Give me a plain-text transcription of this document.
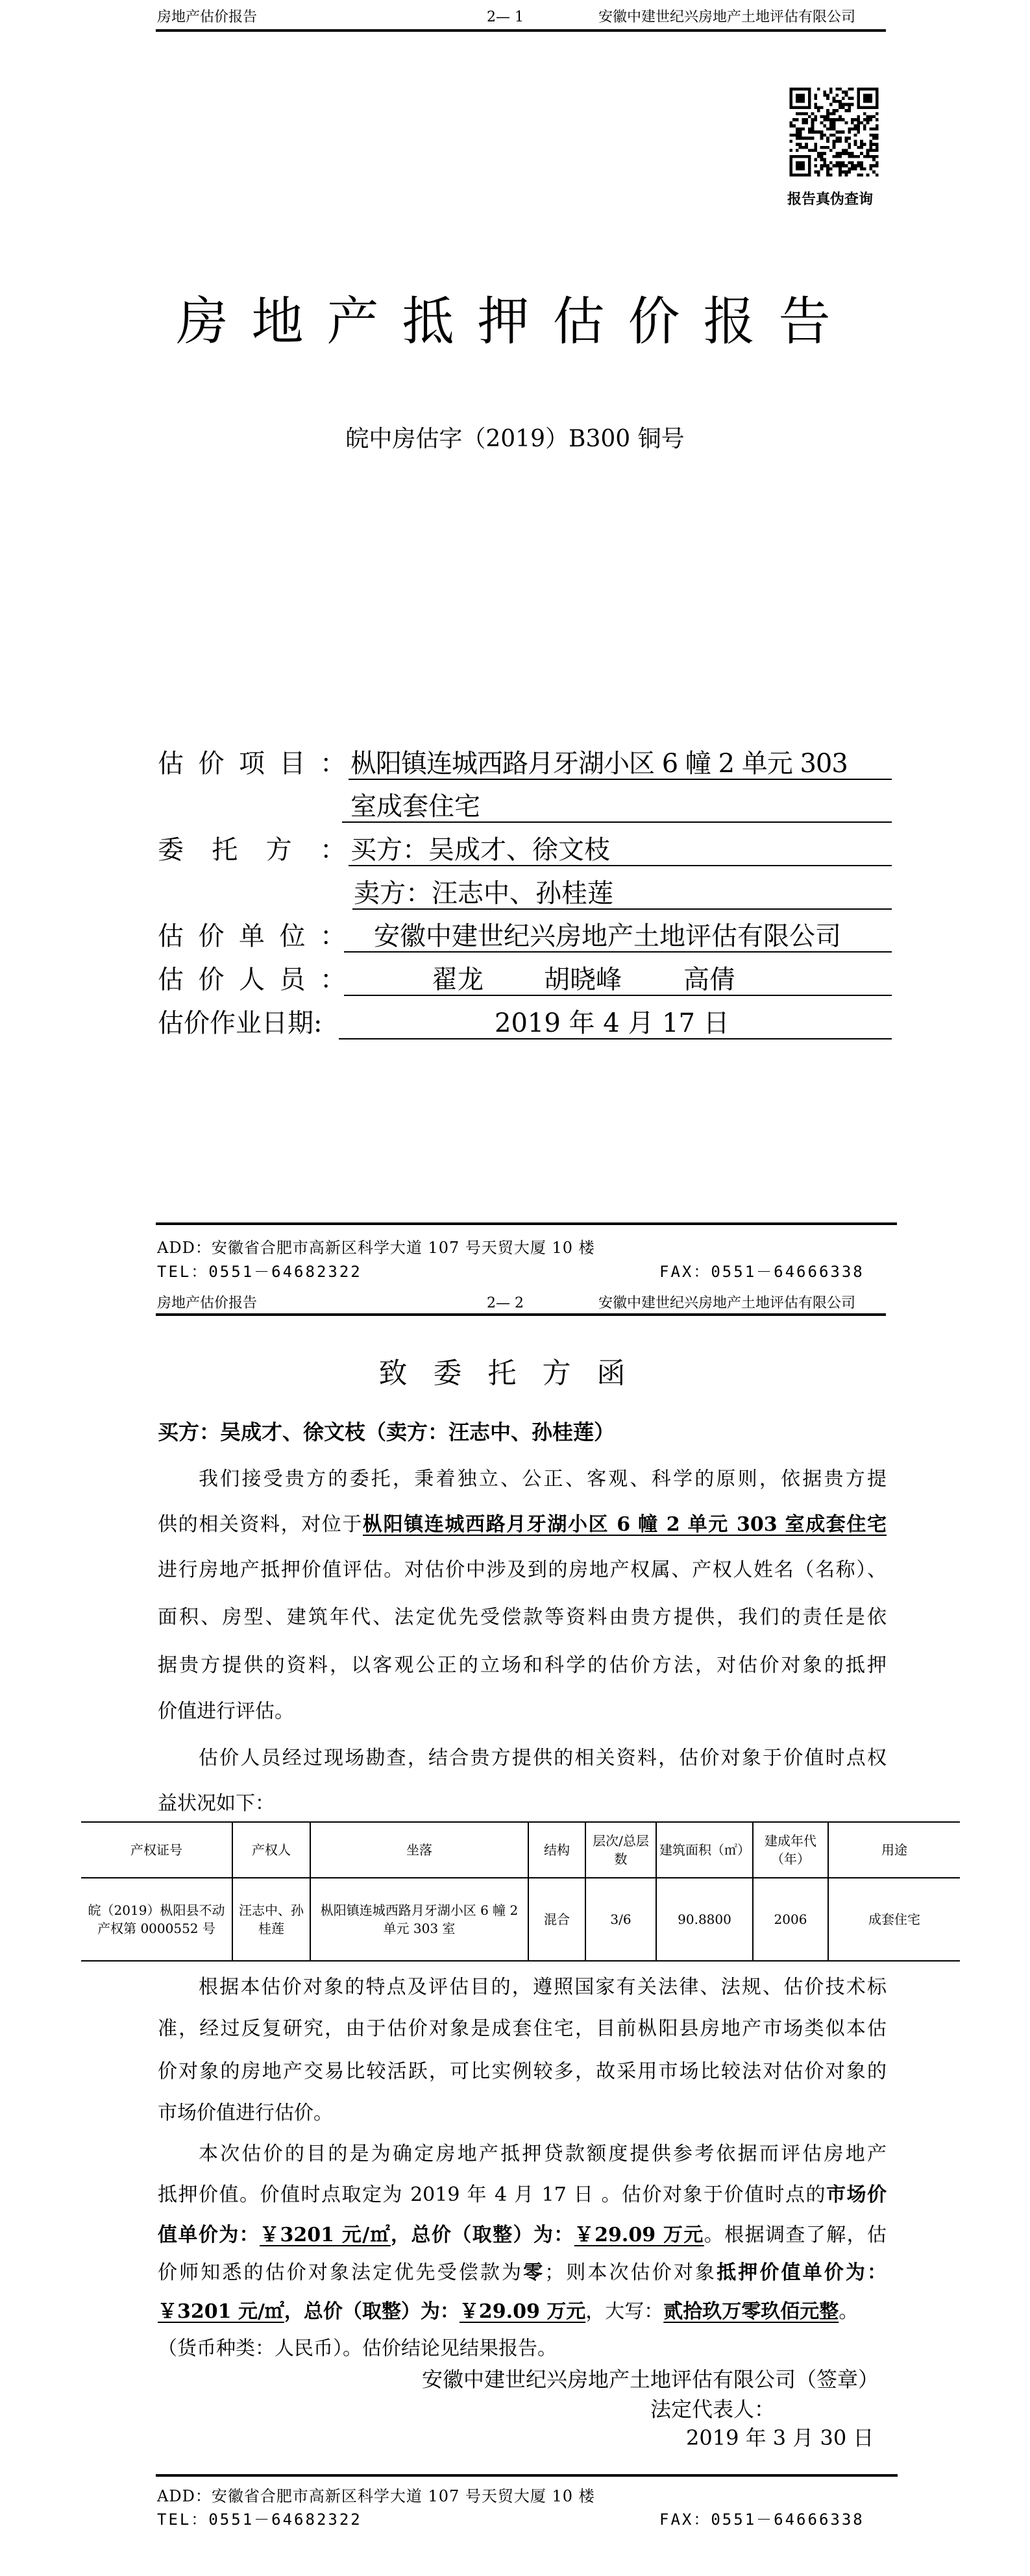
房地产估价报告	2— 1	安徽中建世纪兴房地产土地评估有限公司
报告真伪查询
房地产抵押估价报告
皖中房估字（2019）B300 铜号
估价项目： 枞阳镇连城西路月牙湖小区 6 幢 2 单元 303
室成套住宅
委托方： 买方：吴成才、徐文枝
卖方：汪志中、孙桂莲
估价单位： 安徽中建世纪兴房地产土地评估有限公司
估价人员：	翟龙 胡晓峰 高倩
估价作业日期:	2019 年 4 月 17 日
ADD：安徽省合肥市高新区科学大道 107 号天贸大厦 10 楼
TEL：0551－64682322	FAX：0551－64666338
房地产估价报告	2— 2	安徽中建世纪兴房地产土地评估有限公司
致委托方函
买方：吴成才、徐文枝（卖方：汪志中、孙桂莲）
我们接受贵方的委托，秉着独立、公正、客观、科学的原则，依据贵方提
供的相关资料，对位于枞阳镇连城西路月牙湖小区 6 幢 2 单元 303 室成套住宅
进行房地产抵押价值评估。对估价中涉及到的房地产权属、产权人姓名（名称）、
面积、房型、建筑年代、法定优先受偿款等资料由贵方提供，我们的责任是依
据贵方提供的资料，以客观公正的立场和科学的估价方法，对估价对象的抵押
价值进行评估。
估价人员经过现场勘查，结合贵方提供的相关资料，估价对象于价值时点权
益状况如下：
产权证号	产权人	坐落	结构	层次/总层数	建筑面积（㎡）	建成年代（年）	用途
皖（2019）枞阳县不动产权第 0000552 号	汪志中、孙桂莲	枞阳镇连城西路月牙湖小区 6 幢 2 单元 303 室	混合	3/6	90.8800	2006	成套住宅
根据本估价对象的特点及评估目的，遵照国家有关法律、法规、估价技术标
准，经过反复研究，由于估价对象是成套住宅，目前枞阳县房地产市场类似本估
价对象的房地产交易比较活跃，可比实例较多，故采用市场比较法对估价对象的
市场价值进行估价。
本次估价的目的是为确定房地产抵押贷款额度提供参考依据而评估房地产
抵押价值。价值时点取定为 2019 年 4 月 17 日 。估价对象于价值时点的市场价
值单价为：￥3201 元/㎡，总价（取整）为：￥29.09 万元。根据调查了解，估
价师知悉的估价对象法定优先受偿款为零；则本次估价对象抵押价值单价为：
￥3201 元/㎡，总价（取整）为：￥29.09 万元，大写：贰拾玖万零玖佰元整。
（货币种类：人民币）。估价结论见结果报告。
安徽中建世纪兴房地产土地评估有限公司（签章）
法定代表人：
2019 年 3 月 30 日
ADD：安徽省合肥市高新区科学大道 107 号天贸大厦 10 楼
TEL：0551－64682322	FAX：0551－64666338
